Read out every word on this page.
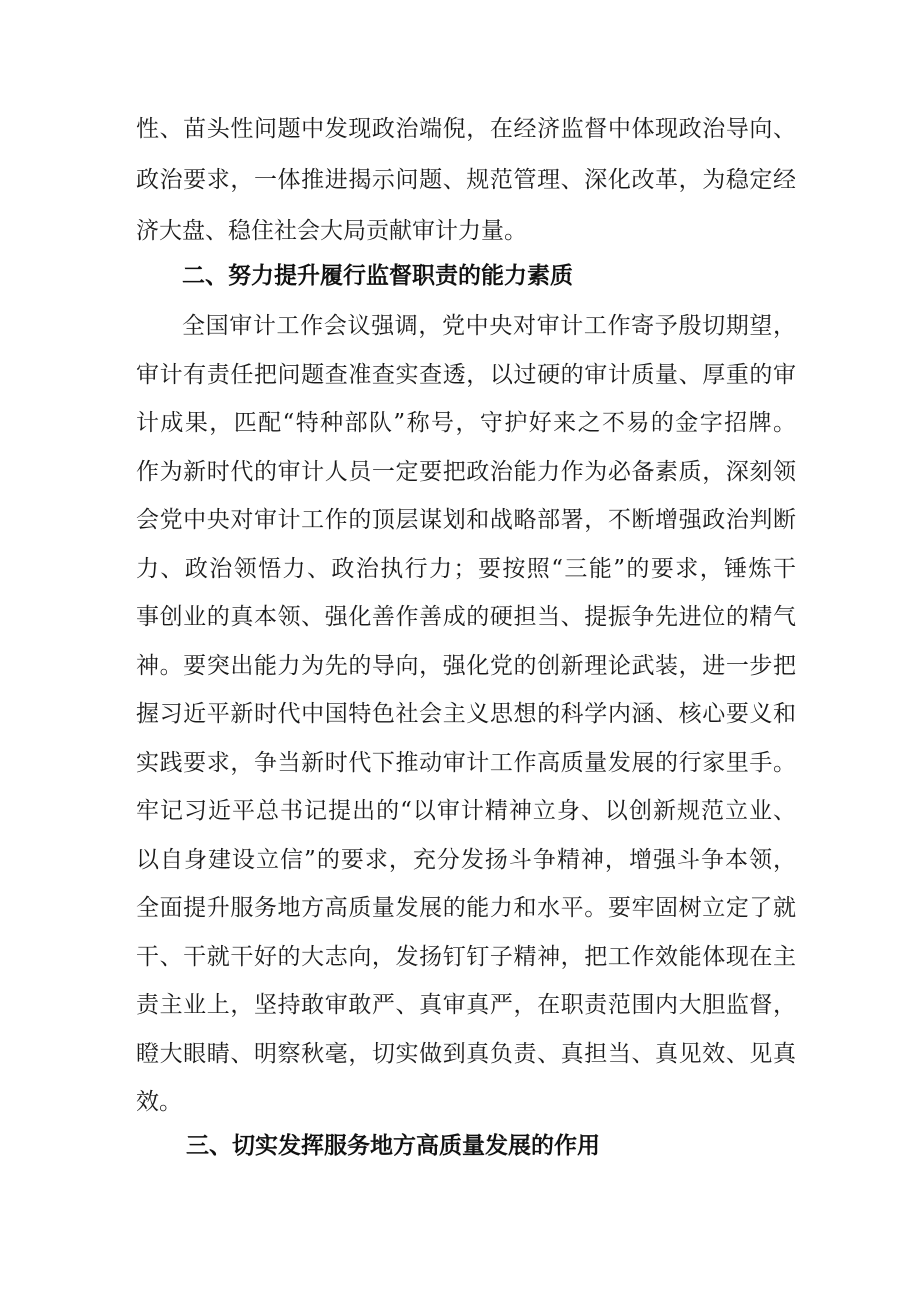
性、苗头性问题中发现政治端倪，在经济监督中体现政治导向、
政治要求，一体推进揭示问题、规范管理、深化改革，为稳定经
济大盘、稳住社会大局贡献审计力量。
二、努力提升履行监督职责的能力素质
全国审计工作会议强调，党中央对审计工作寄予殷切期望，
审计有责任把问题查准查实查透，以过硬的审计质量、厚重的审
计成果，匹配“特种部队”称号，守护好来之不易的金字招牌。
作为新时代的审计人员一定要把政治能力作为必备素质，深刻领
会党中央对审计工作的顶层谋划和战略部署，不断增强政治判断
力、政治领悟力、政治执行力；要按照“三能”的要求，锤炼干
事创业的真本领、强化善作善成的硬担当、提振争先进位的精气
神。要突出能力为先的导向，强化党的创新理论武装，进一步把
握习近平新时代中国特色社会主义思想的科学内涵、核心要义和
实践要求，争当新时代下推动审计工作高质量发展的行家里手。
牢记习近平总书记提出的“以审计精神立身、以创新规范立业、
以自身建设立信”的要求，充分发扬斗争精神，增强斗争本领，
全面提升服务地方高质量发展的能力和水平。要牢固树立定了就
干、干就干好的大志向，发扬钉钉子精神，把工作效能体现在主
责主业上，坚持敢审敢严、真审真严，在职责范围内大胆监督，
瞪大眼睛、明察秋毫，切实做到真负责、真担当、真见效、见真
效。
三、切实发挥服务地方高质量发展的作用
